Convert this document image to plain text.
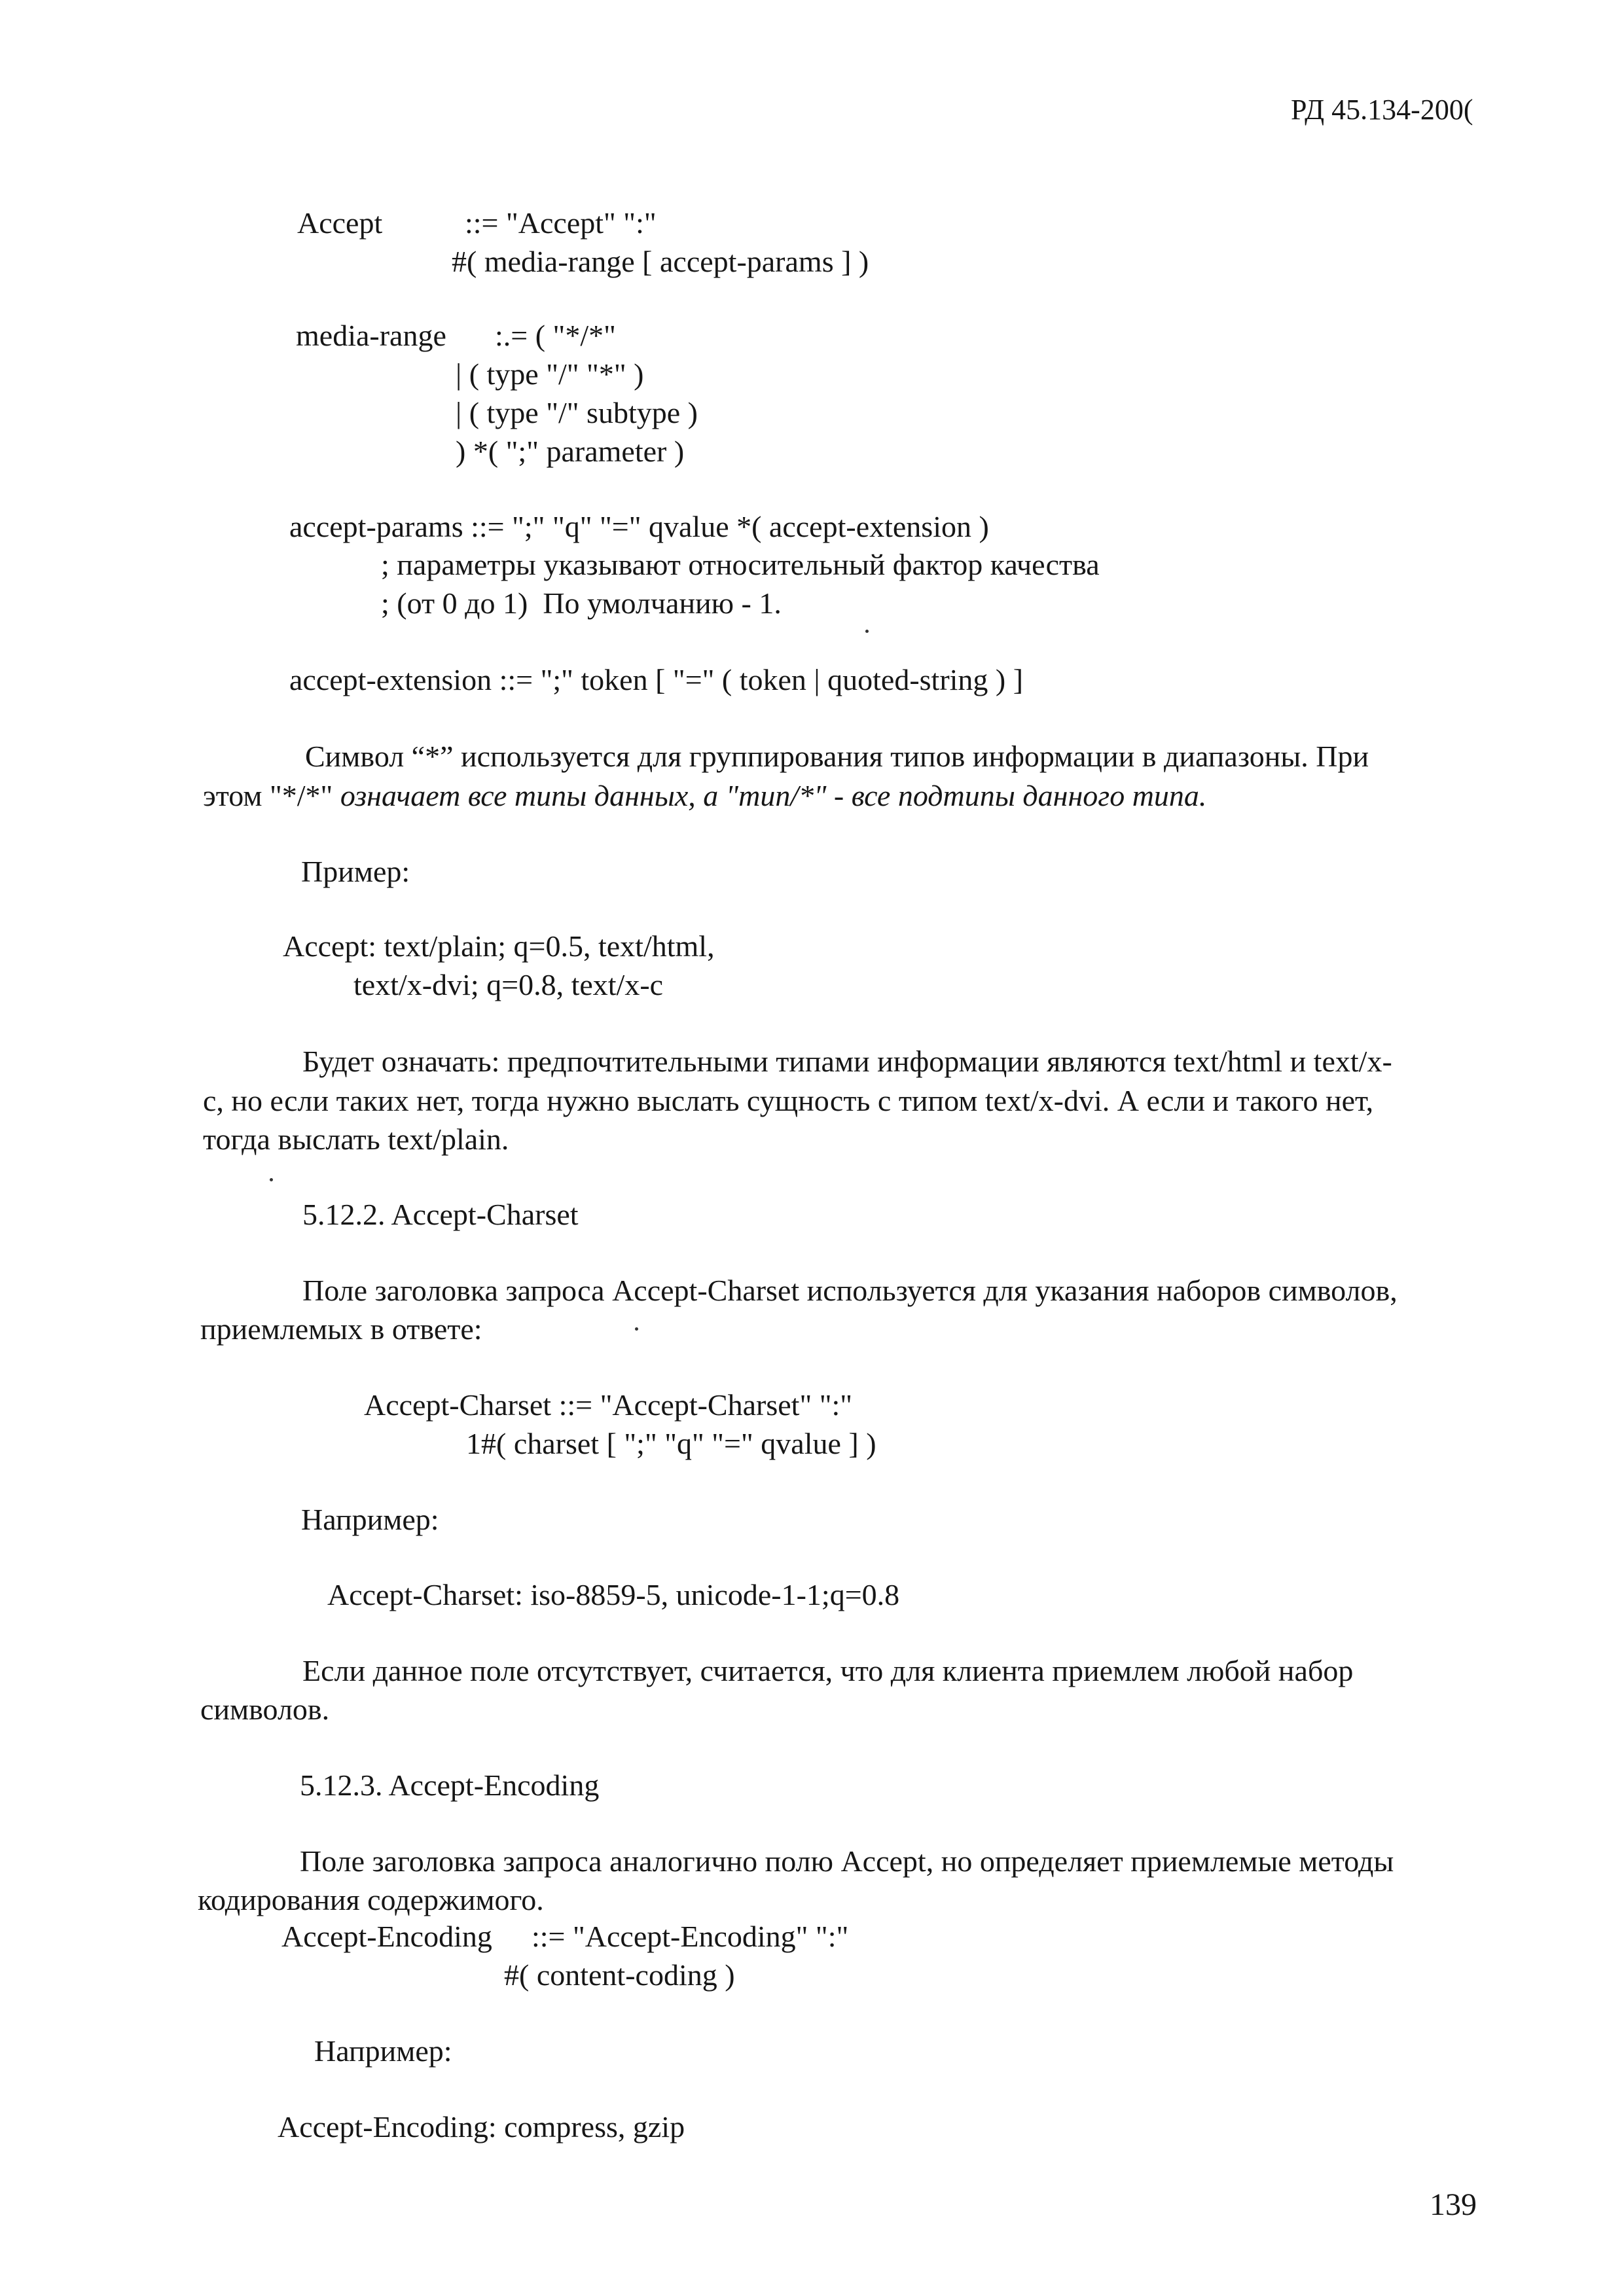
РД 45.134-200(
Accept	::= "Accept" ":"
#( media-range [ accept-params ] )
media-range :.= ( "*/*"
| ( type "/" "*" )
| ( type "/" subtype )
) *( ";" parameter )
accept-params ::= ";" "q" "=" qvalue *( accept-extension )
; параметры указывают относительный фактор качества
; (от 0 до 1)  По умолчанию - 1.
accept-extension ::= ";" token [ "=" ( token | quoted-string ) ]
Символ “*” используется для группирования типов информации в диапазоны. При
этом "*/*" означает все типы данных, а "тип/*" - все подтипы данного типа.
Пример:
Accept: text/plain; q=0.5, text/html,
text/x-dvi; q=0.8, text/x-c
Будет означать: предпочтительными типами информации являются text/html и text/x-
c, но если таких нет, тогда нужно выслать сущность с типом text/x-dvi. А если и такого нет,
тогда выслать text/plain.
5.12.2. Accept-Charset
Поле заголовка запроса Accept-Charset используется для указания наборов символов,
приемлемых в ответе:
Accept-Charset ::= "Accept-Charset" ":"
1#( charset [ ";" "q" "=" qvalue ] )
Например:
Accept-Charset: iso-8859-5, unicode-1-1;q=0.8
Если данное поле отсутствует, считается, что для клиента приемлем любой набор
символов.
5.12.3. Accept-Encoding
Поле заголовка запроса аналогично полю Accept, но определяет приемлемые методы
кодирования содержимого.
Accept-Encoding ::= "Accept-Encoding" ":"
#( content-coding )
Например:
Accept-Encoding: compress, gzip
139
